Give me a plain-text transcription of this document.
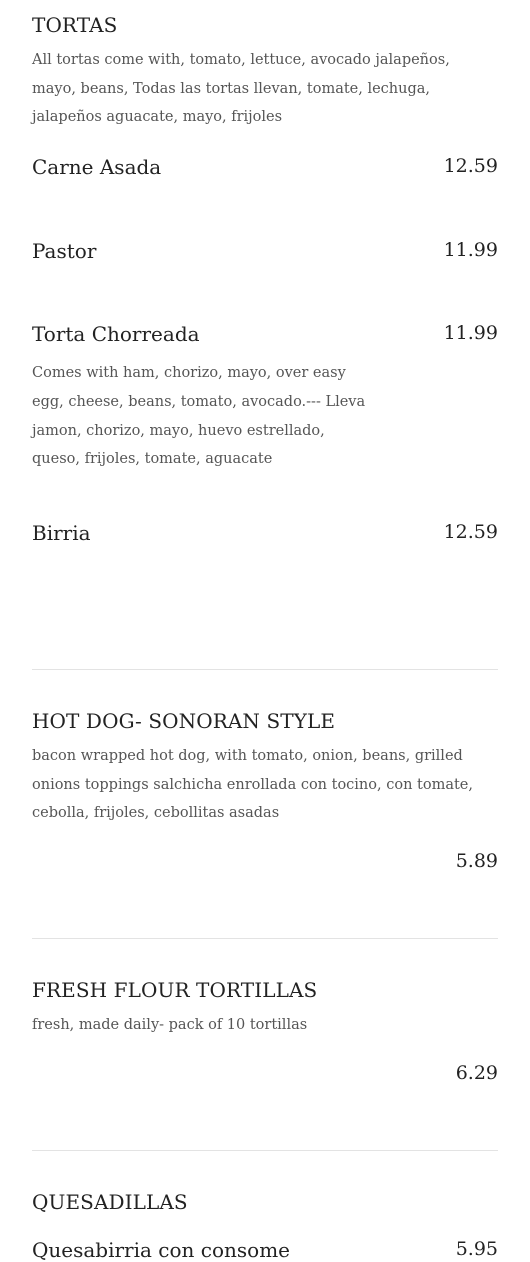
TORTAS

All tortas come with, tomato, lettuce, avocado jalapeños, mayo, beans, Todas las tortas llevan, tomate, lechuga, jalapeños aguacate, mayo, frijoles

Carne Asada	12.59
Pastor	11.99
Torta Chorreada	11.99

Comes with ham, chorizo, mayo, over easy egg, cheese, beans, tomato, avocado.--- Lleva jamon, chorizo, mayo, huevo estrellado, queso, frijoles, tomate, aguacate

Birria	12.59
HOT DOG- SONORAN STYLE

bacon wrapped hot dog, with tomato, onion, beans, grilled onions toppings salchicha enrollada con tocino, con tomate, cebolla, frijoles, cebollitas asadas

5.89
FRESH FLOUR TORTILLAS

fresh, made daily- pack of 10 tortillas

6.29
QUESADILLAS
Quesabirria con consome	5.95
